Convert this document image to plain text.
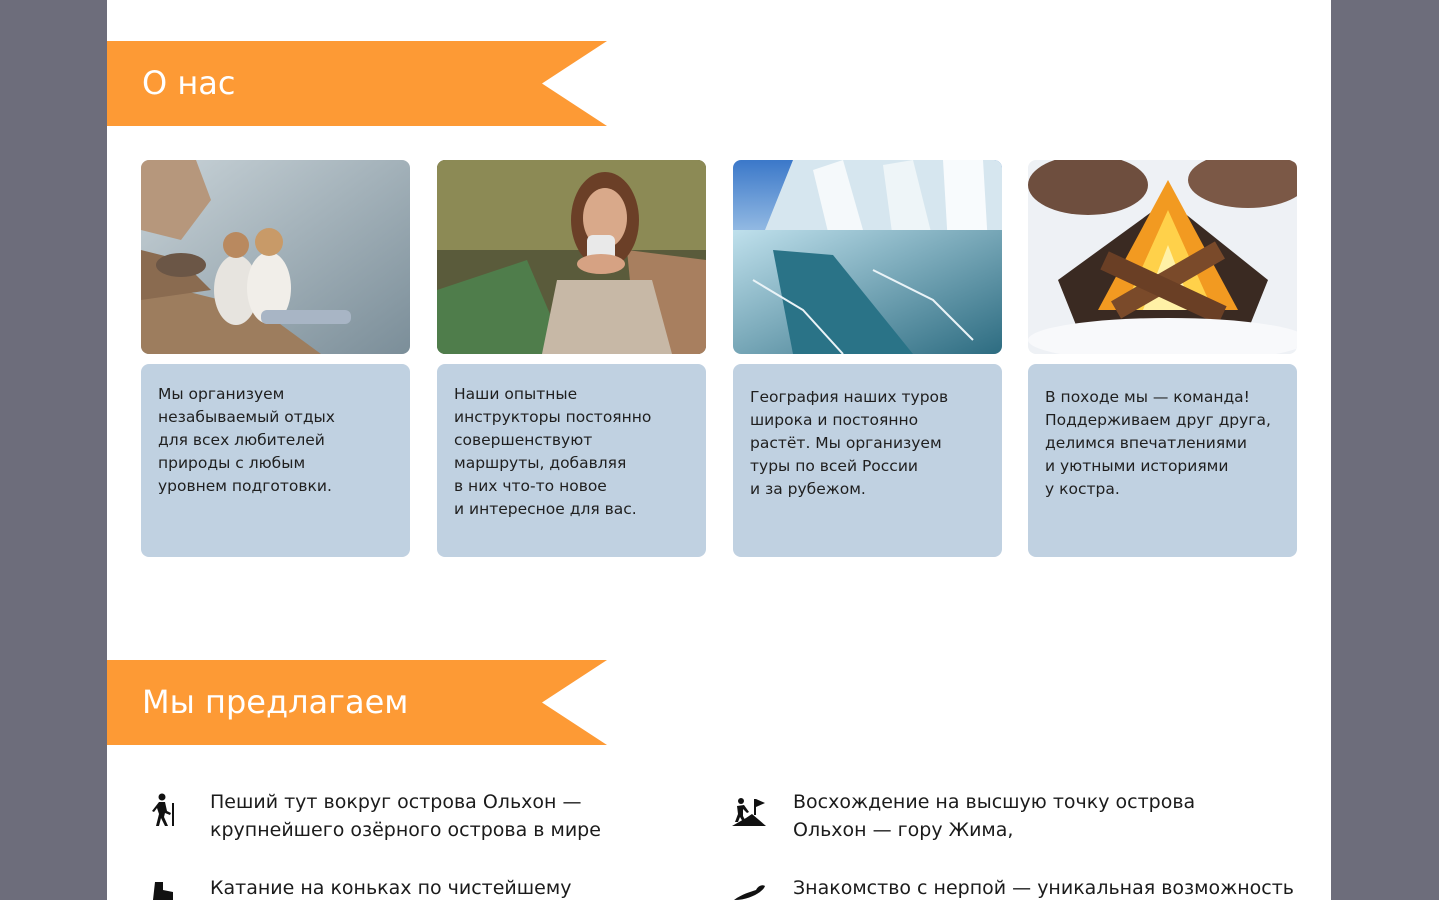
О нас
Мы организуем
незабываемый отдых
для всех любителей
природы с любым
уровнем подготовки.
Наши опытные
инструкторы постоянно
совершенствуют
маршруты, добавляя
в них что-то новое
и интересное для вас.
География наших туров
широка и постоянно
растёт. Мы организуем
туры по всей России
и за рубежом.
В походе мы — команда!
Поддерживаем друг друга,
делимся впечатлениями
и уютными историями
у костра.
Мы предлагаем
Пеший тут вокруг острова Ольхон —
крупнейшего озёрного острова в мире
Восхождение на высшую точку острова
Ольхон — гору Жима,
Катание на коньках по чистейшему	Знакомство с нерпой — уникальная возможность
